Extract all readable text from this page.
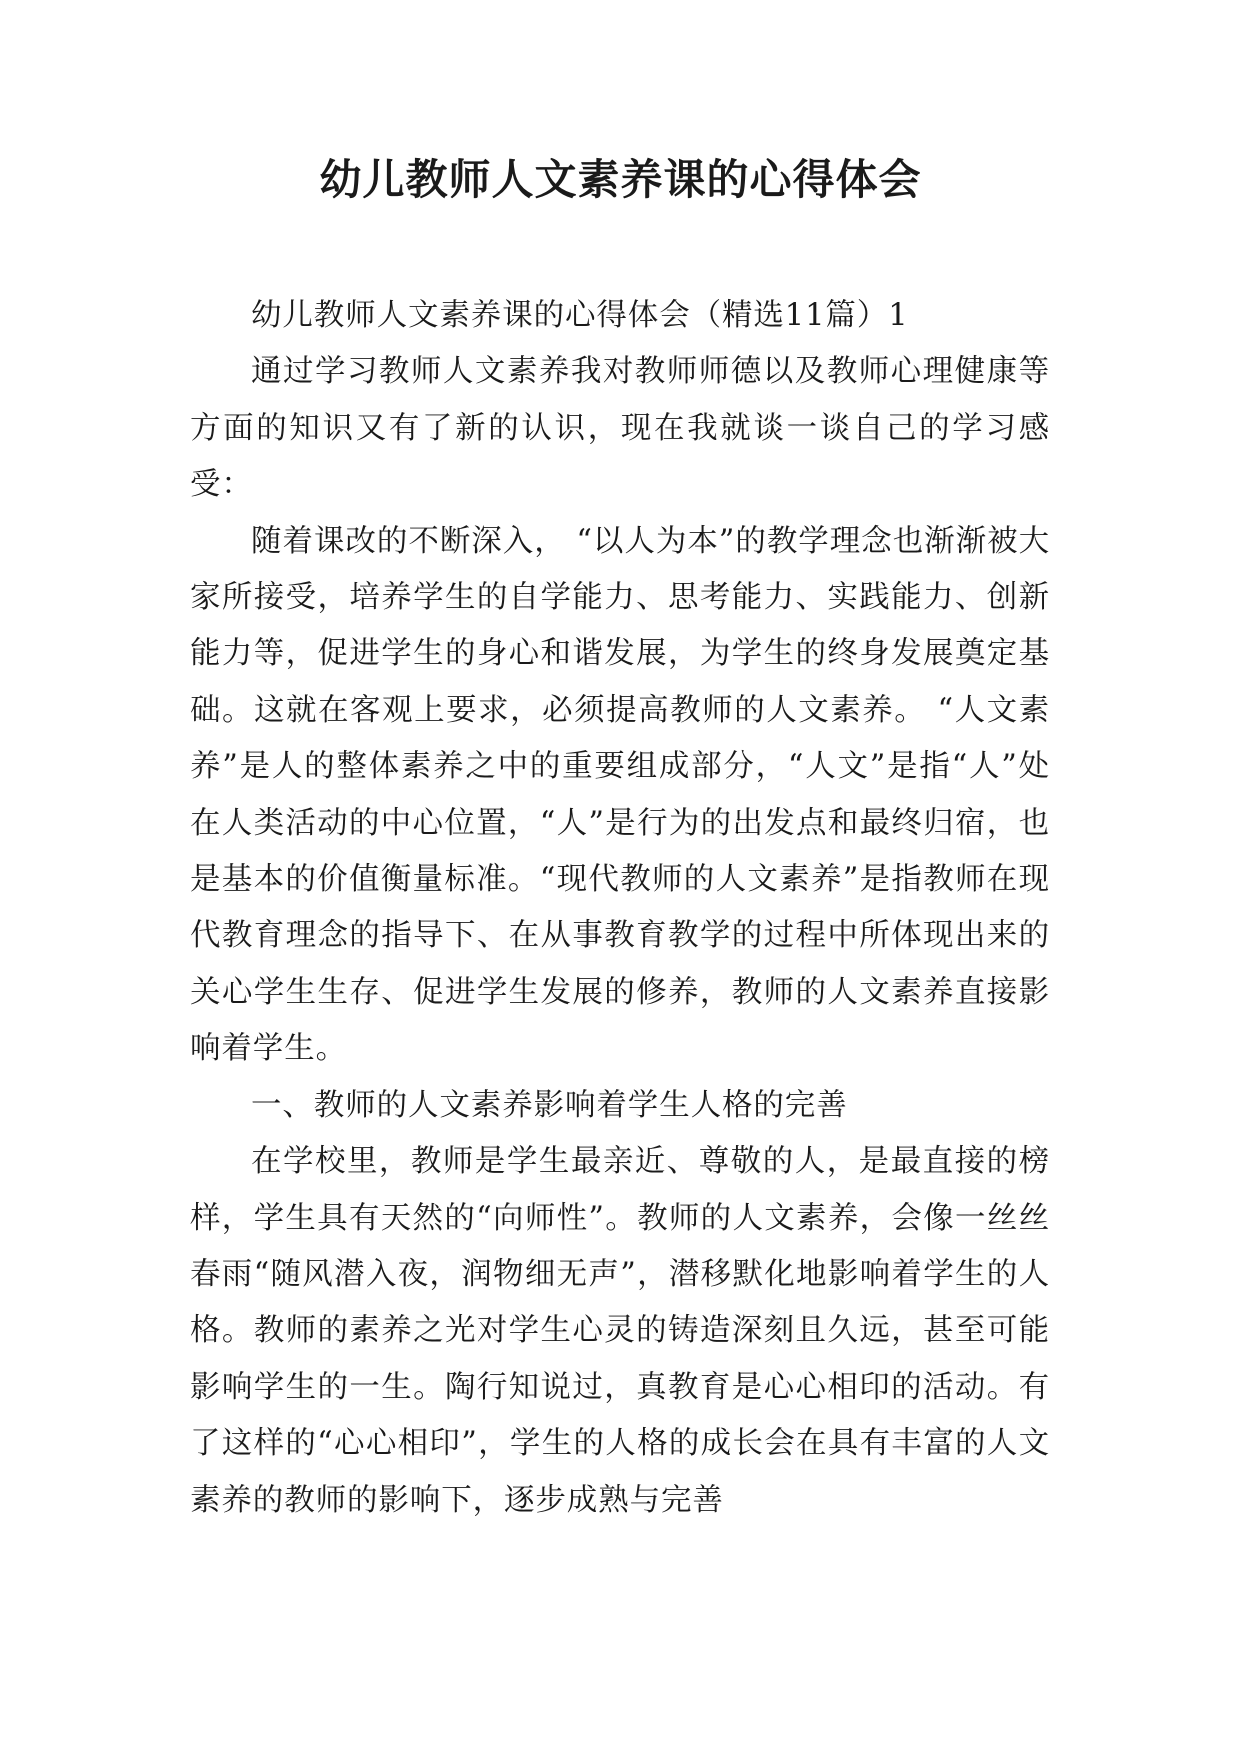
幼儿教师人文素养课的心得体会

幼儿教师人文素养课的心得体会（精选11篇）1

通过学习教师人文素养我对教师师德以及教师心理健康等方面的知识又有了新的认识，现在我就谈一谈自己的学习感受：

随着课改的不断深入， “以人为本”的教学理念也渐渐被大家所接受，培养学生的自学能力、思考能力、实践能力、创新能力等，促进学生的身心和谐发展，为学生的终身发展奠定基础。这就在客观上要求，必须提高教师的人文素养。 “人文素养”是人的整体素养之中的重要组成部分，“人文”是指“人”处在人类活动的中心位置，“人”是行为的出发点和最终归宿，也是基本的价值衡量标准。“现代教师的人文素养”是指教师在现代教育理念的指导下、在从事教育教学的过程中所体现出来的关心学生生存、促进学生发展的修养，教师的人文素养直接影响着学生。

一、教师的人文素养影响着学生人格的完善

在学校里，教师是学生最亲近、尊敬的人，是最直接的榜样，学生具有天然的“向师性”。教师的人文素养，会像一丝丝春雨“随风潜入夜，润物细无声”，潜移默化地影响着学生的人格。教师的素养之光对学生心灵的铸造深刻且久远，甚至可能影响学生的一生。陶行知说过，真教育是心心相印的活动。有了这样的“心心相印”，学生的人格的成长会在具有丰富的人文素养的教师的影响下，逐步成熟与完善
